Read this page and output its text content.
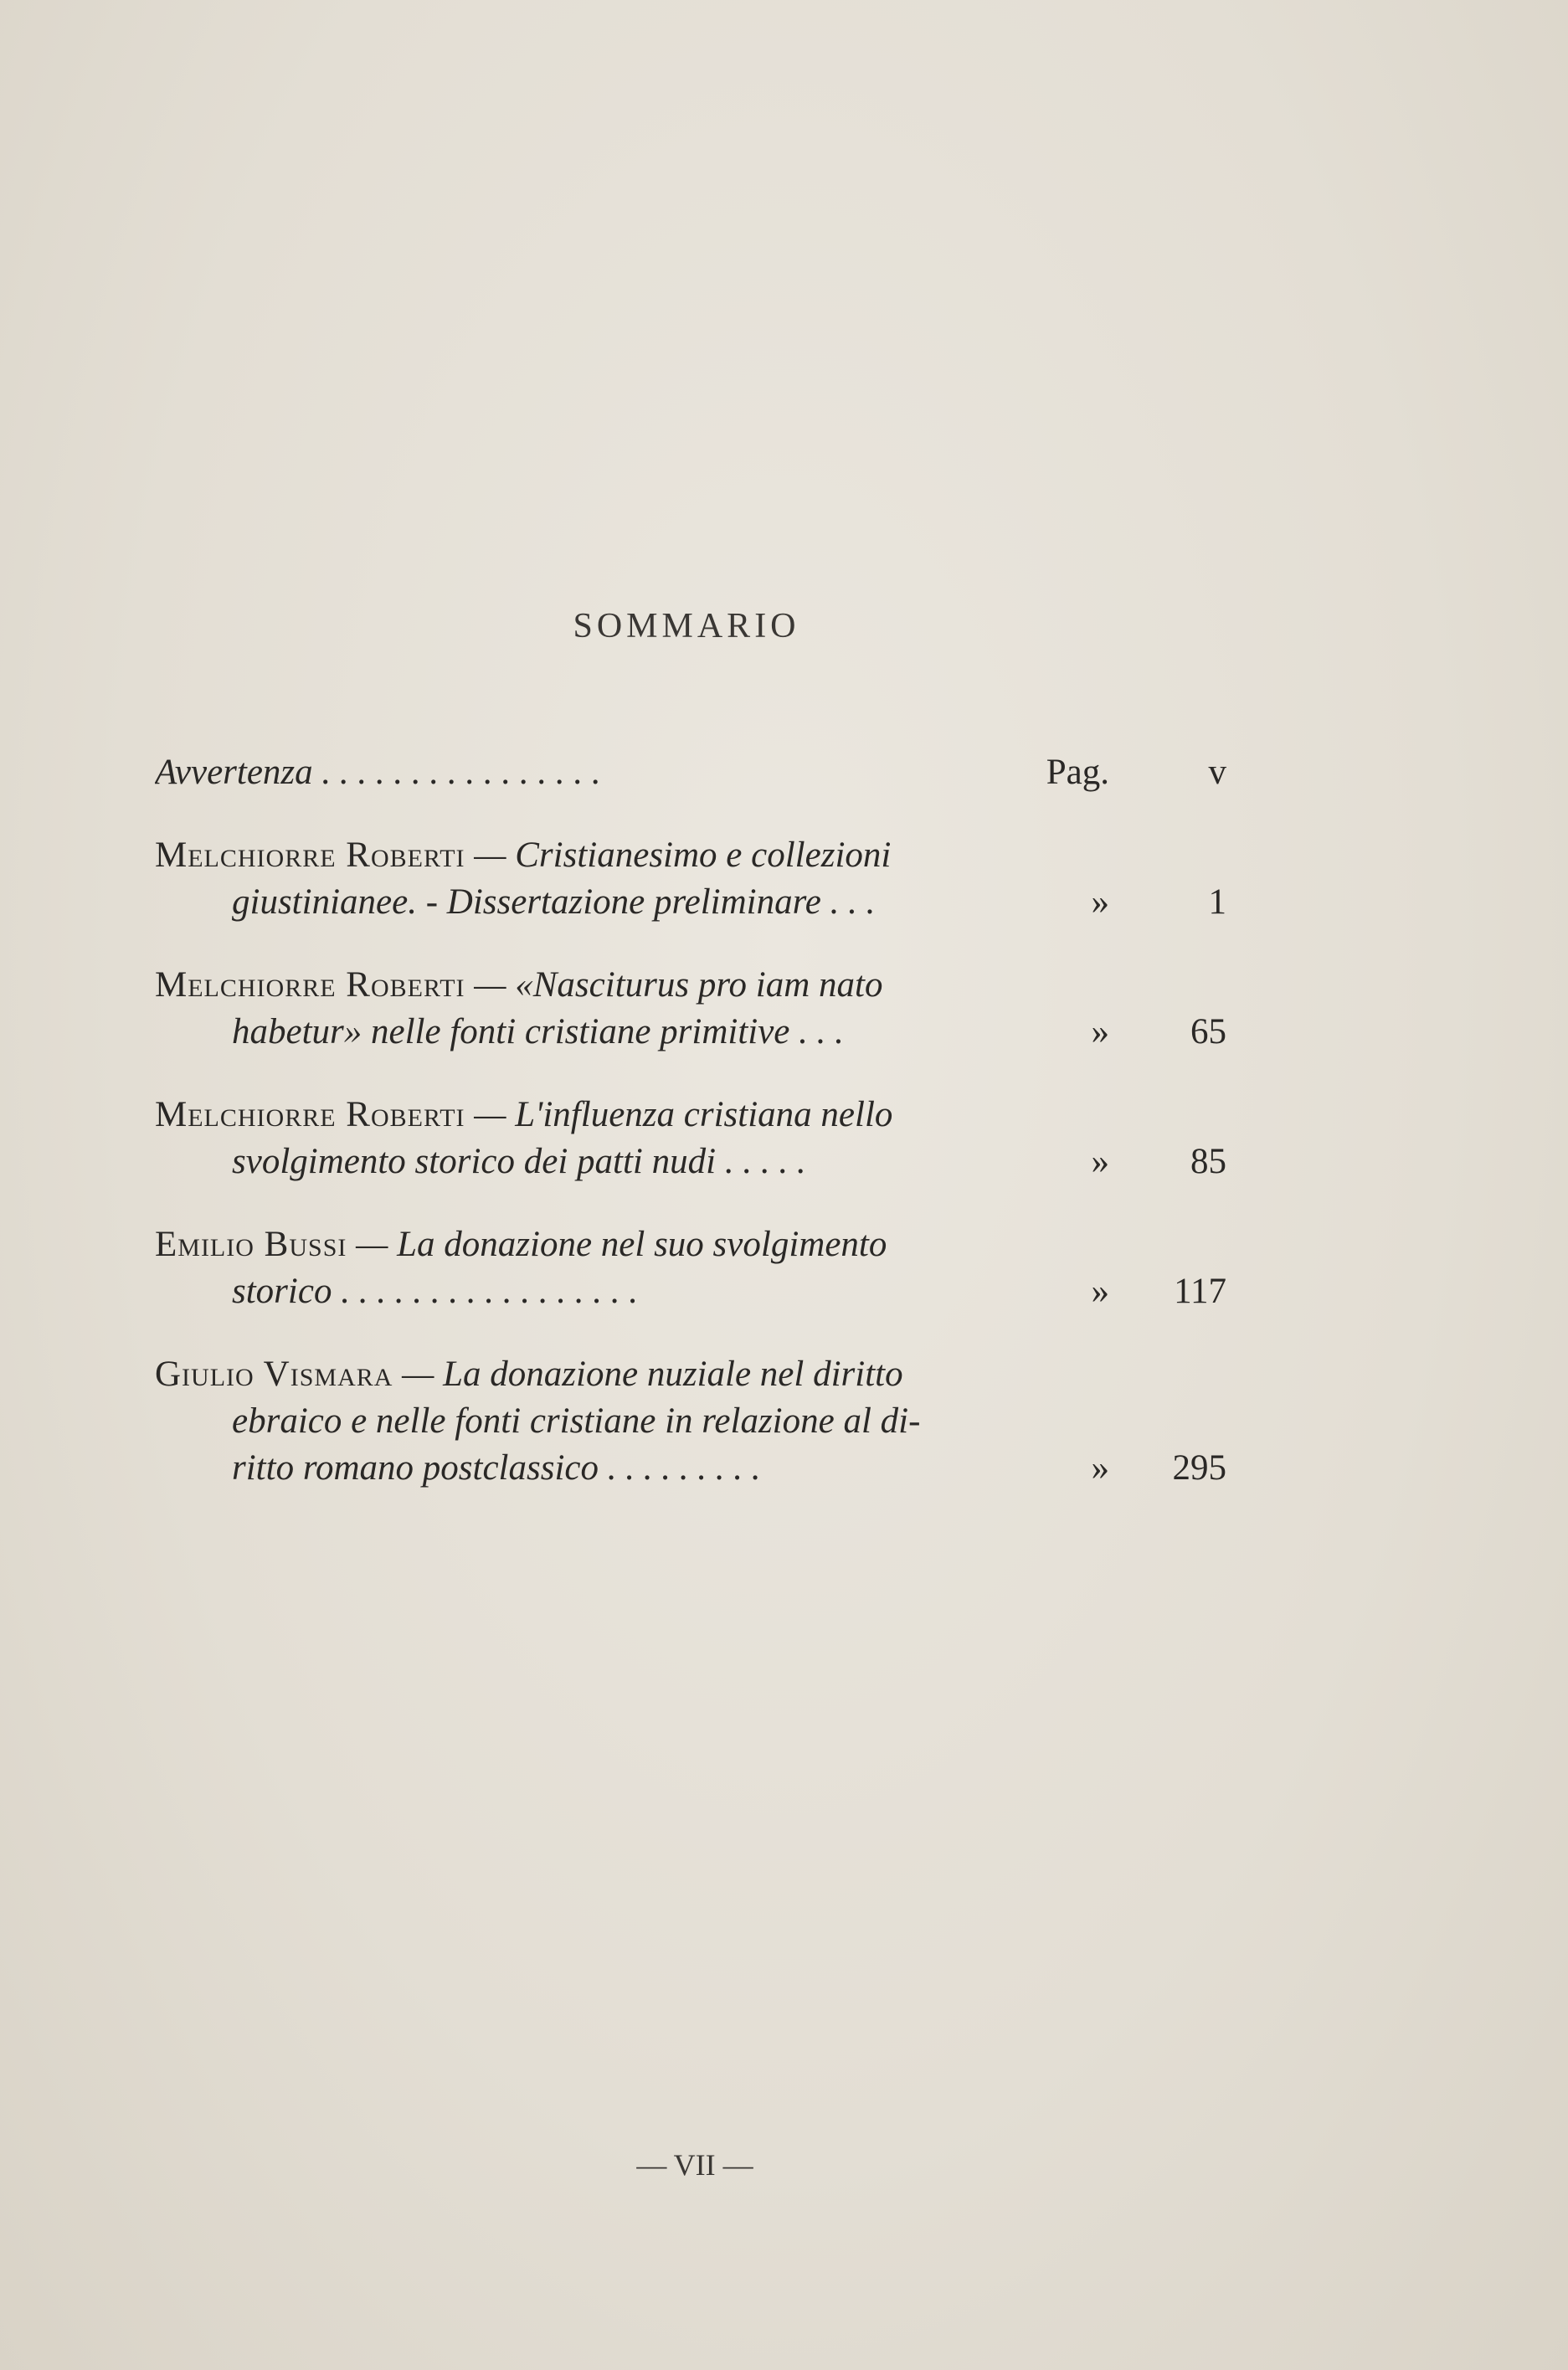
SOMMARIO
Avvertenza . . . . . . . . . . . . . . . .	Pag.	v
Melchiorre Roberti — Cristianesimo e collezioni
giustinianee. - Dissertazione preliminare . . .	»	1
Melchiorre Roberti — «Nasciturus pro iam nato
habetur» nelle fonti cristiane primitive . . .	»	65
Melchiorre Roberti — L'influenza cristiana nello
svolgimento storico dei patti nudi . . . . .	»	85
Emilio Bussi — La donazione nel suo svolgimento
storico . . . . . . . . . . . . . . . . .	»	117
Giulio Vismara — La donazione nuziale nel diritto
ebraico e nelle fonti cristiane in relazione al di-
ritto romano postclassico . . . . . . . . .	»	295
— VII —
